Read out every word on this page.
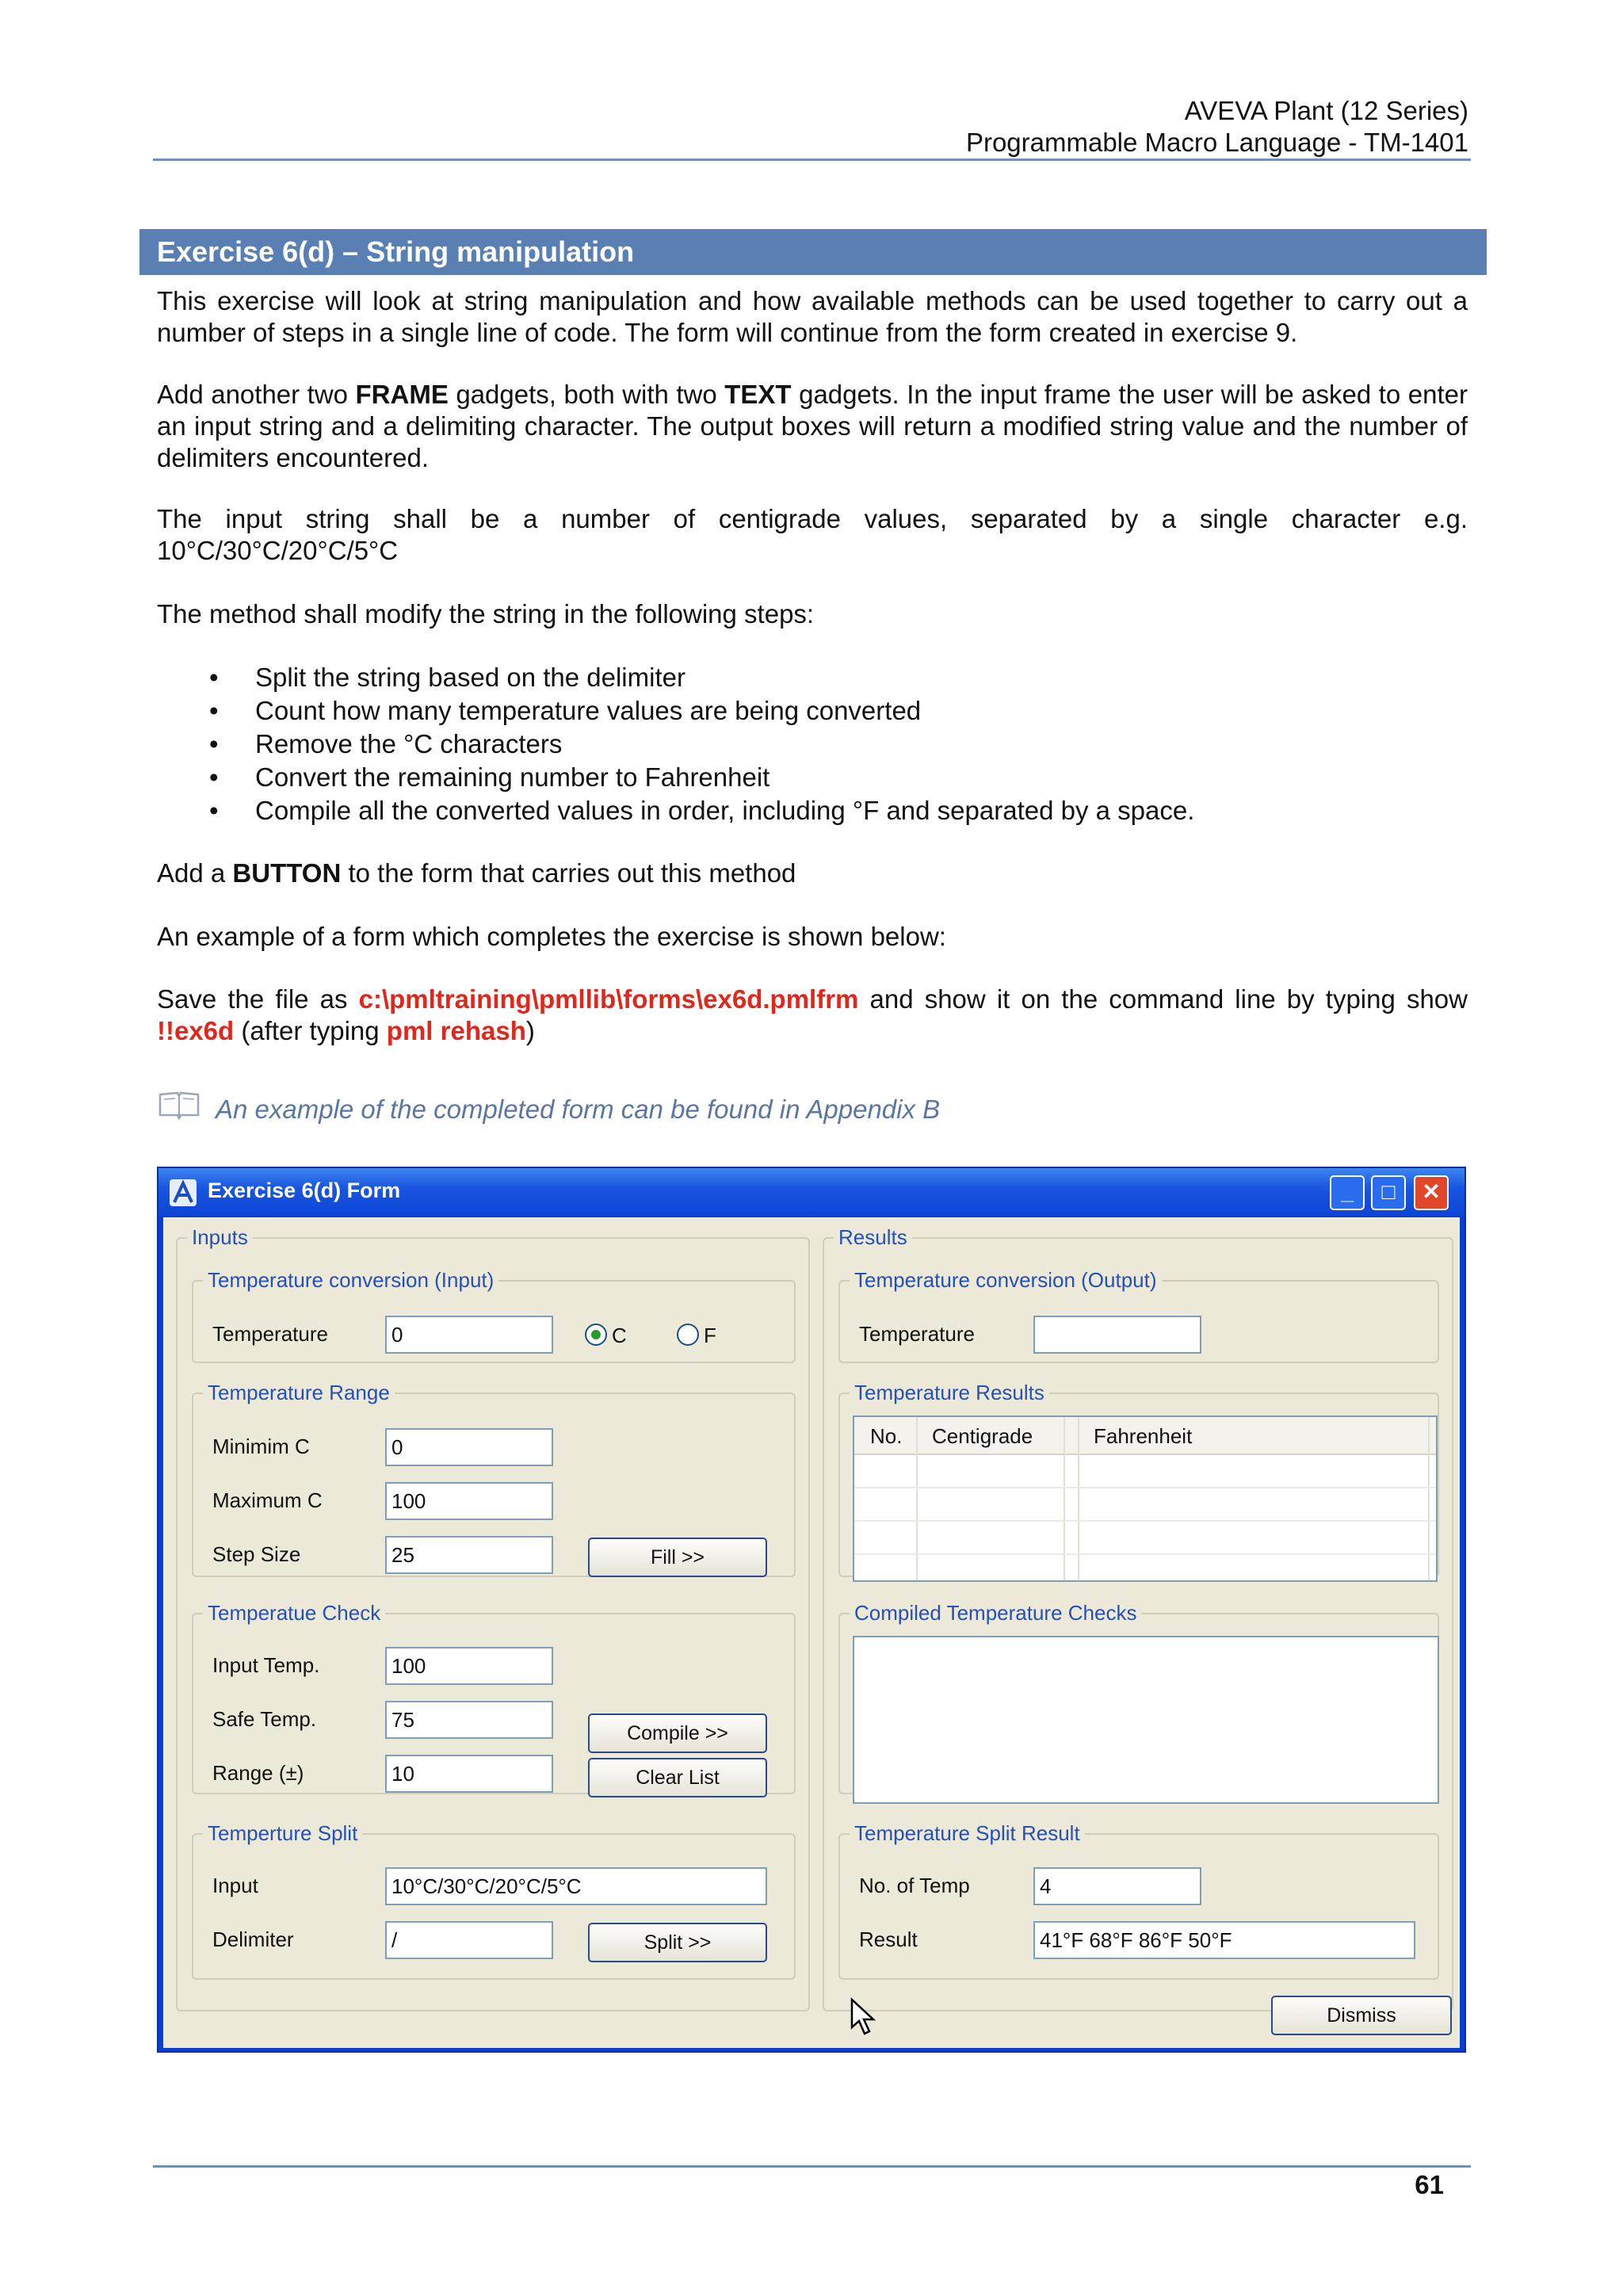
AVEVA Plant (12 Series)
Programmable Macro Language - TM-1401
Exercise 6(d) – String manipulation
This exercise will look at string manipulation and how available methods can be used together to carry out a number of steps in a single line of code. The form will continue from the form created in exercise 9.
Add another two FRAME gadgets, both with two TEXT gadgets. In the input frame the user will be asked to enter an input string and a delimiting character. The output boxes will return a modified string value and the number of delimiters encountered.
The input string shall be a number of centigrade values, separated by a single character e.g.
10°C/30°C/20°C/5°C
The method shall modify the string in the following steps:
• Split the string based on the delimiter
• Count how many temperature values are being converted
• Remove the °C characters
• Convert the remaining number to Fahrenheit
• Compile all the converted values in order, including °F and separated by a space.
Add a BUTTON to the form that carries out this method
An example of a form which completes the exercise is shown below:
Save the file as c:\pmltraining\pmllib\forms\ex6d.pmlfrm and show it on the command line by typing show !!ex6d (after typing pml rehash)
An example of the completed form can be found in Appendix B
Exercise 6(d) Form	_	□	✕
Inputs
Temperature conversion (Input)
Temperature	0	C	F
Temperature Range
Minimim C	0
Maximum C	100
Step Size	25	Fill >>
Temperatue Check
Input Temp.	100
Safe Temp.	75
Range (±)	10
Compile >>
Clear List
Temperture Split
Input	10°C/30°C/20°C/5°C
Delimiter	/	Split >>
Results
Temperature conversion (Output)
Temperature
Temperature Results
No. Centigrade	Fahrenheit
Compiled Temperature Checks
Temperature Split Result
No. of Temp	4
Result	41°F 68°F 86°F 50°F
Dismiss
61
